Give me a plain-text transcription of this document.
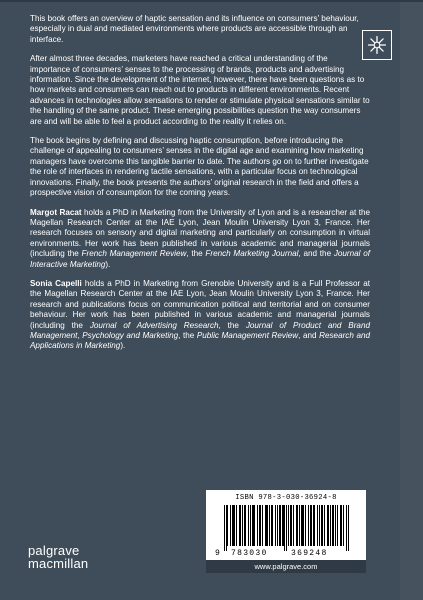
This book offers an overview of haptic sensation and its influence on consumers’ behaviour, especially in dual and mediated environments where products are accessible through an interface.

After almost three decades, marketers have reached a critical understanding of the importance of consumers’ senses to the processing of brands, products and advertising information. Since the development of the internet, however, there have been questions as to how markets and consumers can reach out to products in different environments. Recent advances in technologies allow sensations to render or stimulate physical sensations similar to the handling of the same product. These emerging possibilities question the way consumers are and will be able to feel a product according to the reality it relies on.

The book begins by defining and discussing haptic consumption, before introducing the challenge of appealing to consumers’ senses in the digital age and examining how marketing managers have overcome this tangible barrier to date. The authors go on to further investigate the role of interfaces in rendering tactile sensations, with a particular focus on technological innovations. Finally, the book presents the authors’ original research in the field and offers a prospective vision of consumption for the coming years.

Margot Racat holds a PhD in Marketing from the University of Lyon and is a researcher at the Magellan Research Center at the IAE Lyon, Jean Moulin University Lyon 3, France. Her research focuses on sensory and digital marketing and particularly on consumption in virtual environments. Her work has been published in various academic and managerial journals (including the French Management Review, the French Marketing Journal, and the Journal of Interactive Marketing).

Sonia Capelli holds a PhD in Marketing from Grenoble University and is a Full Professor at the Magellan Research Center at the IAE Lyon, Jean Moulin University Lyon 3, France. Her research and publications focus on communication political and territorial and on consumer behaviour. Her work has been published in various academic and managerial journals (including the Journal of Advertising Research, the Journal of Product and Brand Management, Psychology and Marketing, the Public Management Review, and Research and Applications in Marketing).

ISBN 978-3-030-36924-8
9 783030	369248
www.palgrave.com
palgrave
macmillan
